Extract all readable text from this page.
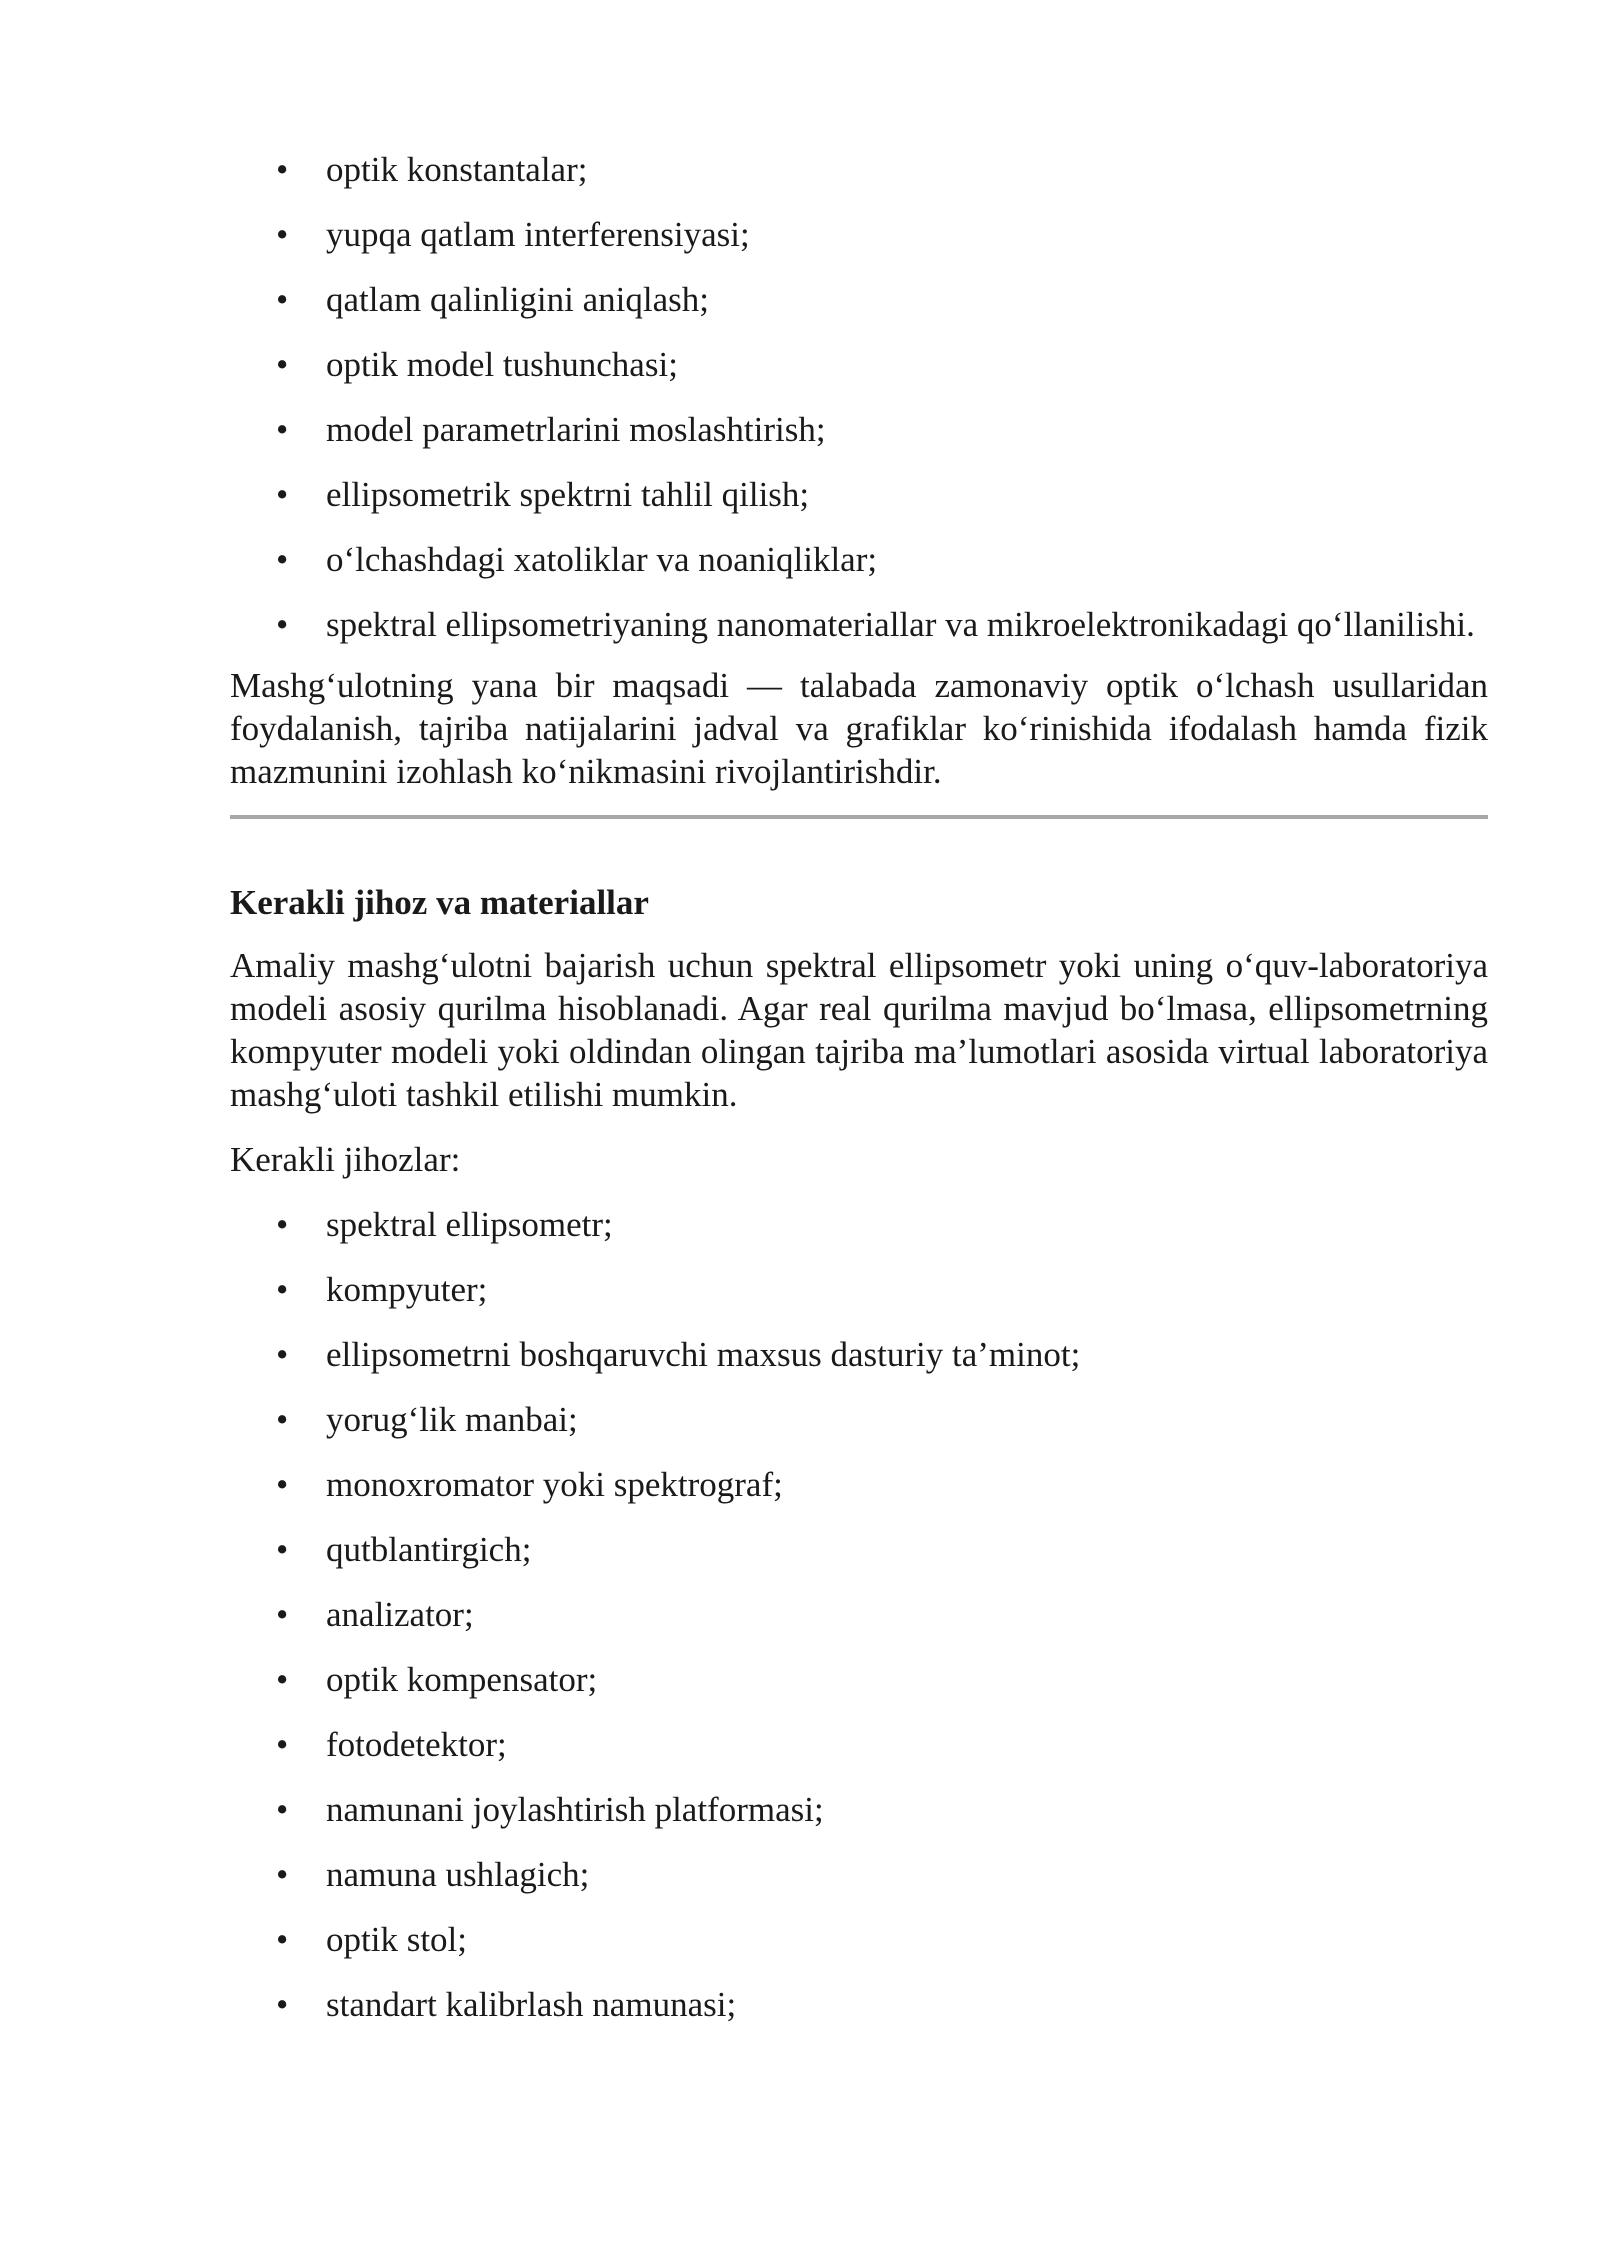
• optik konstantalar;
• yupqa qatlam interferensiyasi;
• qatlam qalinligini aniqlash;
• optik model tushunchasi;
• model parametrlarini moslashtirish;
• ellipsometrik spektrni tahlil qilish;
• o‘lchashdagi xatoliklar va noaniqliklar;
• spektral ellipsometriyaning nanomateriallar va mikroelektronikadagi qo‘llanilishi.

Mashg‘ulotning yana bir maqsadi — talabada zamonaviy optik o‘lchash usullaridan foydalanish, tajriba natijalarini jadval va grafiklar ko‘rinishida ifodalash hamda fizik mazmunini izohlash ko‘nikmasini rivojlantirishdir.

Kerakli jihoz va materiallar

Amaliy mashg‘ulotni bajarish uchun spektral ellipsometr yoki uning o‘quv-laboratoriya modeli asosiy qurilma hisoblanadi. Agar real qurilma mavjud bo‘lmasa, ellipsometrning kompyuter modeli yoki oldindan olingan tajriba ma’lumotlari asosida virtual laboratoriya mashg‘uloti tashkil etilishi mumkin.

Kerakli jihozlar:

• spektral ellipsometr;
• kompyuter;
• ellipsometrni boshqaruvchi maxsus dasturiy ta’minot;
• yorug‘lik manbai;
• monoxromator yoki spektrograf;
• qutblantirgich;
• analizator;
• optik kompensator;
• fotodetektor;
• namunani joylashtirish platformasi;
• namuna ushlagich;
• optik stol;
• standart kalibrlash namunasi;
